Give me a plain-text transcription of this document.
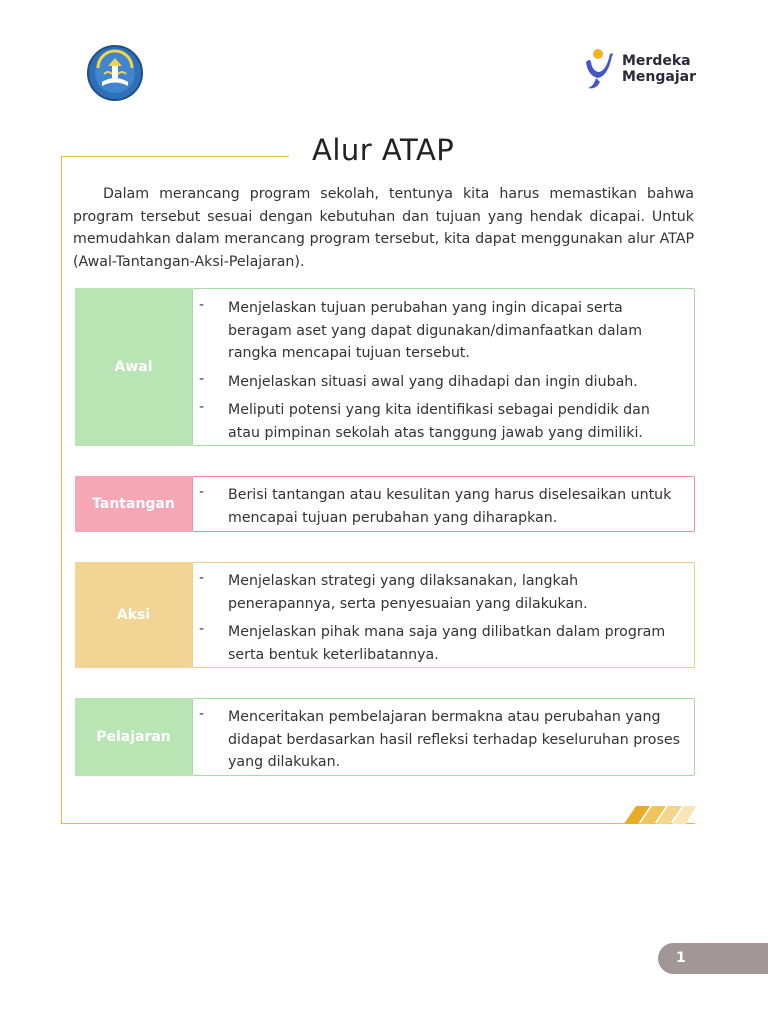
Merdeka
Mengajar
Alur ATAP

Dalam merancang program sekolah, tentunya kita harus memastikan bahwa program tersebut sesuai dengan kebutuhan dan tujuan yang hendak dicapai. Untuk memudahkan dalam merancang program tersebut, kita dapat menggunakan alur ATAP (Awal-Tantangan-Aksi-Pelajaran).

Awal
- Menjelaskan tujuan perubahan yang ingin dicapai serta beragam aset yang dapat digunakan/dimanfaatkan dalam rangka mencapai tujuan tersebut.
- Menjelaskan situasi awal yang dihadapi dan ingin diubah.
- Meliputi potensi yang kita identifikasi sebagai pendidik dan atau pimpinan sekolah atas tanggung jawab yang dimiliki.
Tantangan
- Berisi tantangan atau kesulitan yang harus diselesaikan untuk mencapai tujuan perubahan yang diharapkan.
Aksi
- Menjelaskan strategi yang dilaksanakan, langkah penerapannya, serta penyesuaian yang dilakukan.
- Menjelaskan pihak mana saja yang dilibatkan dalam program serta bentuk keterlibatannya.
Pelajaran
- Menceritakan pembelajaran bermakna atau perubahan yang didapat berdasarkan hasil refleksi terhadap keseluruhan proses yang dilakukan.
1
